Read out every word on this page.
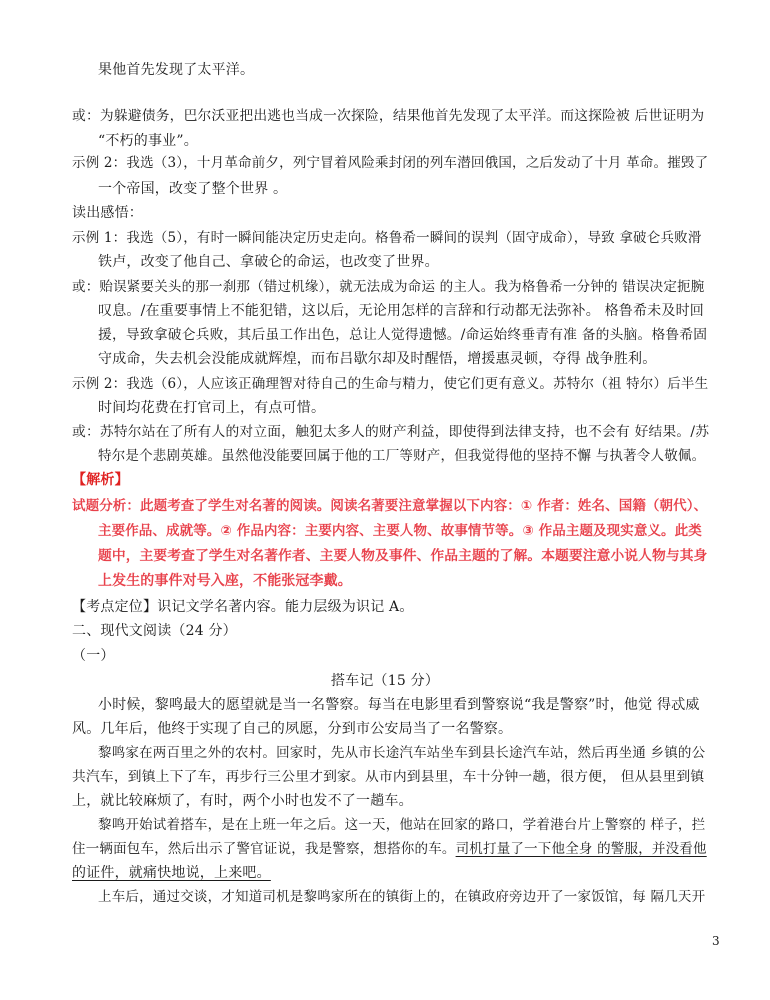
果他首先发现了太平洋。
或：为躲避债务，巴尔沃亚把出逃也当成一次探险，结果他首先发现了太平洋。而这探险被 后世证明为
“不朽的事业”。
示例 2：我选（3），十月革命前夕，列宁冒着风险乘封闭的列车潜回俄国，之后发动了十月 革命。摧毁了
一个帝国，改变了整个世界 。
读出感悟：
示例 1：我选（5），有时一瞬间能决定历史走向。格鲁希一瞬间的误判（固守成命），导致 拿破仑兵败滑
铁卢，改变了他自己、拿破仑的命运，也改变了世界。
或：贻误紧要关头的那一刹那（错过机缘），就无法成为命运 的主人。我为格鲁希一分钟的 错误决定扼腕
叹息。/在重要事情上不能犯错，这以后，无论用怎样的言辞和行动都无法弥补。 格鲁希未及时回
援，导致拿破仑兵败，其后虽工作出色，总让人觉得遗憾。/命运始终垂青有准 备的头脑。格鲁希固
守成命，失去机会没能成就辉煌，而布吕歇尔却及时醒悟，增援惠灵顿，夺得 战争胜利。
示例 2：我选（6），人应该正确理智对待自己的生命与精力，使它们更有意义。苏特尔（祖 特尔）后半生
时间均花费在打官司上，有点可惜。
或：苏特尔站在了所有人的对立面，触犯太多人的财产利益，即使得到法律支持，也不会有 好结果。/苏
特尔是个悲剧英雄。虽然他没能要回属于他的工厂等财产，但我觉得他的坚持不懈 与执著令人敬佩。
【解析】
试题分析：此题考查了学生对名著的阅读。阅读名著要注意掌握以下内容：① 作者：姓名、国籍（朝代）、
主要作品、成就等。② 作品内容：主要内容、主要人物、故事情节等。③ 作品主题及现实意义。此类
题中，主要考查了学生对名著作者、主要人物及事件、作品主题的了解。本题要注意小说人物与其身
上发生的事件对号入座，不能张冠李戴。
【考点定位】识记文学名著内容。能力层级为识记 A。
二、现代文阅读（24 分）
（一）
搭车记（15 分）
小时候，黎鸣最大的愿望就是当一名警察。每当在电影里看到警察说“我是警察”时，他觉 得忒威
风。几年后，他终于实现了自己的夙愿，分到市公安局当了一名警察。
黎鸣家在两百里之外的农村。回家时，先从市长途汽车站坐车到县长途汽车站，然后再坐通 乡镇的公
共汽车，到镇上下了车，再步行三公里才到家。从市内到县里，车十分钟一趟，很方便， 但从县里到镇
上，就比较麻烦了，有时，两个小时也发不了一趟车。
黎鸣开始试着搭车，是在上班一年之后。这一天，他站在回家的路口，学着港台片上警察的 样子，拦
住一辆面包车，然后出示了警官证说，我是警察，想搭你的车。司机打量了一下他全身 的警服，并没看他
的证件，就痛快地说，上来吧。
上车后，通过交谈，才知道司机是黎鸣家所在的镇街上的，在镇政府旁边开了一家饭馆，每 隔几天开
3
